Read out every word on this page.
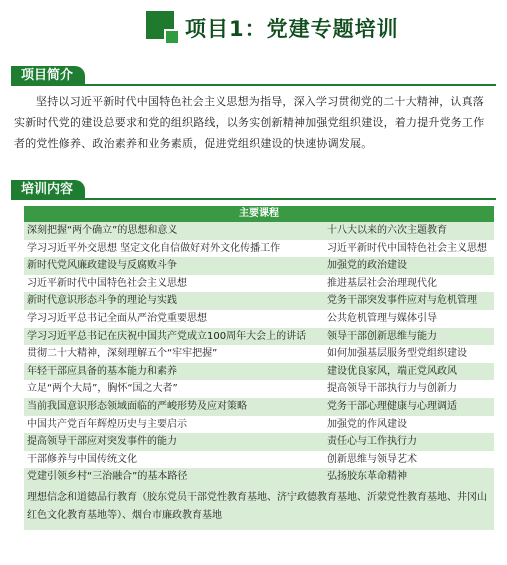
项目1：党建专题培训
项目简介
坚持以习近平新时代中国特色社会主义思想为指导，深入学习贯彻党的二十大精神，认真落实新时代党的建设总要求和党的组织路线，以务实创新精神加强党组织建设，着力提升党务工作者的党性修养、政治素养和业务素质，促进党组织建设的快速协调发展。
培训内容
主要课程
深刻把握“两个确立”的思想和意义	十八大以来的六次主题教育
学习习近平外交思想 坚定文化自信做好对外文化传播工作	习近平新时代中国特色社会主义思想
新时代党风廉政建设与反腐败斗争	加强党的政治建设
习近平新时代中国特色社会主义思想	推进基层社会治理现代化
新时代意识形态斗争的理论与实践	党务干部突发事件应对与危机管理
学习习近平总书记全面从严治党重要思想	公共危机管理与媒体引导
学习习近平总书记在庆祝中国共产党成立100周年大会上的讲话	领导干部创新思维与能力
贯彻二十大精神，深刻理解五个“牢牢把握”	如何加强基层服务型党组织建设
年轻干部应具备的基本能力和素养	建设优良家风，端正党风政风
立足“两个大局”，胸怀“国之大者”	提高领导干部执行力与创新力
当前我国意识形态领域面临的严峻形势及应对策略	党务干部心理健康与心理调适
中国共产党百年辉煌历史与主要启示	加强党的作风建设
提高领导干部应对突发事件的能力	责任心与工作执行力
干部修养与中国传统文化	创新思维与领导艺术
党建引领乡村“三治融合”的基本路径	弘扬胶东革命精神
理想信念和道德品行教育（胶东党员干部党性教育基地、济宁政德教育基地、沂蒙党性教育基地、井冈山红色文化教育基地等）、烟台市廉政教育基地
